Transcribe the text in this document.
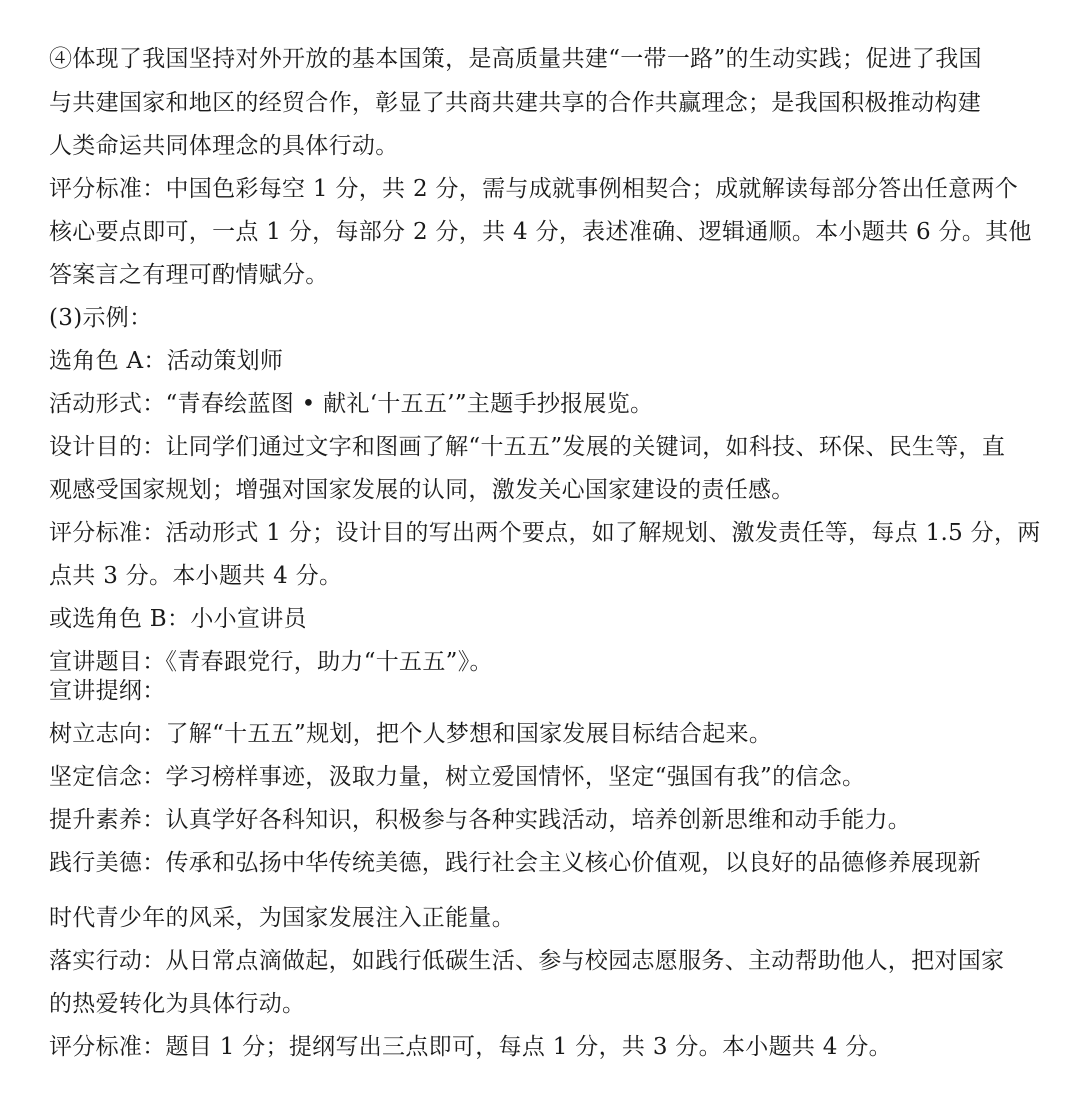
④体现了我国坚持对外开放的基本国策，是高质量共建“一带一路”的生动实践；促进了我国
与共建国家和地区的经贸合作，彰显了共商共建共享的合作共赢理念；是我国积极推动构建
人类命运共同体理念的具体行动。
评分标准：中国色彩每空 1 分，共 2 分，需与成就事例相契合；成就解读每部分答出任意两个
核心要点即可，一点 1 分，每部分 2 分，共 4 分，表述准确、逻辑通顺。本小题共 6 分。其他
答案言之有理可酌情赋分。
(3)示例：
选角色 A：活动策划师
活动形式：“青春绘蓝图 • 献礼‘十五五’”主题手抄报展览。
设计目的：让同学们通过文字和图画了解“十五五”发展的关键词，如科技、环保、民生等，直
观感受国家规划；增强对国家发展的认同，激发关心国家建设的责任感。
评分标准：活动形式 1 分；设计目的写出两个要点，如了解规划、激发责任等，每点 1.5 分，两
点共 3 分。本小题共 4 分。
或选角色 B：小小宣讲员
宣讲题目：《青春跟党行，助力“十五五”》。
宣讲提纲：
树立志向：了解“十五五”规划，把个人梦想和国家发展目标结合起来。
坚定信念：学习榜样事迹，汲取力量，树立爱国情怀，坚定“强国有我”的信念。
提升素养：认真学好各科知识，积极参与各种实践活动，培养创新思维和动手能力。
践行美德：传承和弘扬中华传统美德，践行社会主义核心价值观，以良好的品德修养展现新
时代青少年的风采，为国家发展注入正能量。
落实行动：从日常点滴做起，如践行低碳生活、参与校园志愿服务、主动帮助他人，把对国家
的热爱转化为具体行动。
评分标准：题目 1 分；提纲写出三点即可，每点 1 分，共 3 分。本小题共 4 分。
